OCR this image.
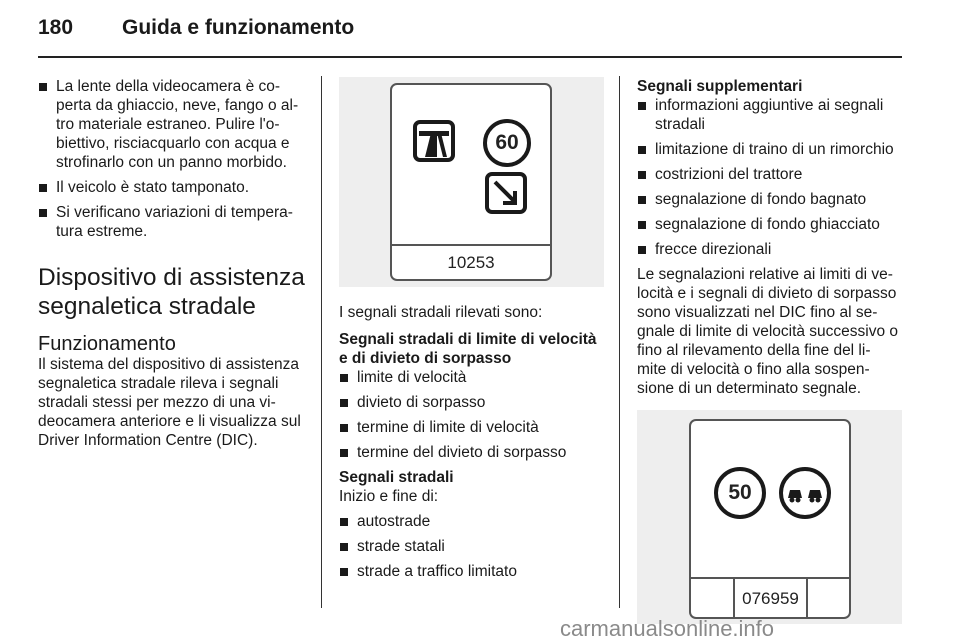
180 Guida e funzionamento
La lente della videocamera è co- perta da ghiaccio, neve, fango o al- tro materiale estraneo. Pulire l'o- biettivo, risciacquarlo con acqua e strofinarlo con un panno morbido.
Il veicolo è stato tamponato.
Si verificano variazioni di tempera- tura estreme.
Dispositivo di assistenza segnaletica stradale
Funzionamento

Il sistema del dispositivo di assistenza segnaletica stradale rileva i segnali stradali stessi per mezzo di una vi- deocamera anteriore e li visualizza sul Driver Information Centre (DIC).

60
10253

I segnali stradali rilevati sono:

Segnali stradali di limite di velocità e di divieto di sorpasso
limite di velocità
divieto di sorpasso
termine di limite di velocità
termine del divieto di sorpasso
Segnali stradali

Inizio e fine di:

autostrade
strade statali
strade a traffico limitato
Segnali supplementari
informazioni aggiuntive ai segnali stradali
limitazione di traino di un rimorchio
costrizioni del trattore
segnalazione di fondo bagnato
segnalazione di fondo ghiacciato
frecce direzionali

Le segnalazioni relative ai limiti di ve- locità e i segnali di divieto di sorpasso sono visualizzati nel DIC fino al se- gnale di limite di velocità successivo o fino al rilevamento della fine del li- mite di velocità o fino alla sospen- sione di un determinato segnale.

50
076959
carmanualsonline.info
